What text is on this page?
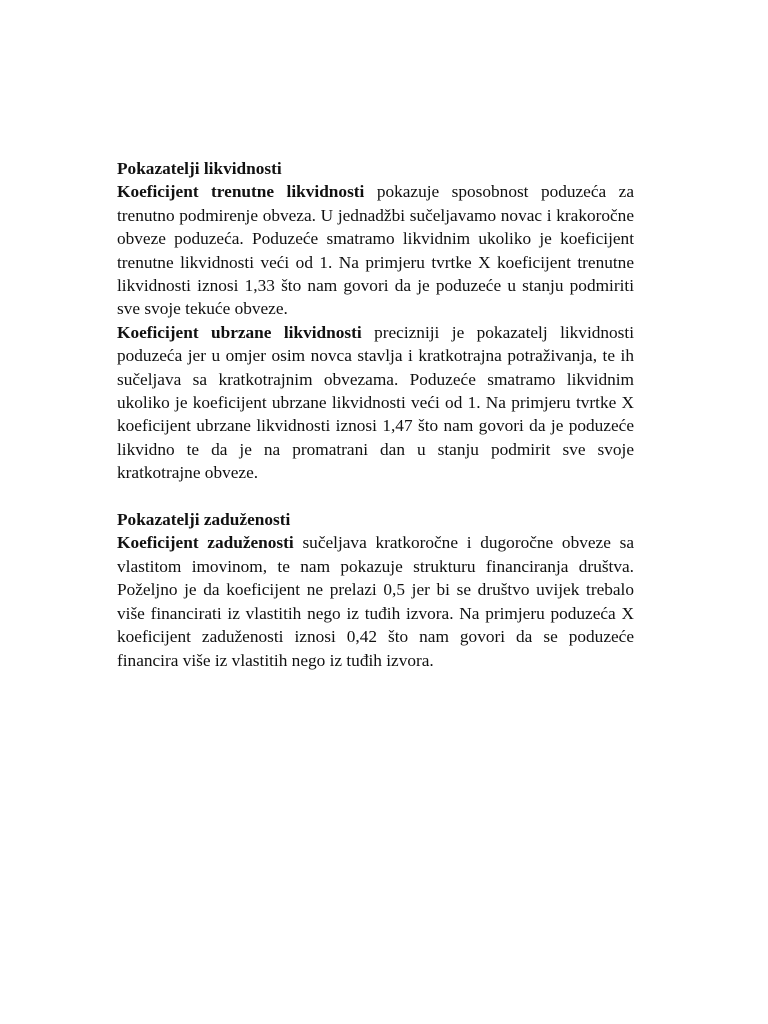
Pokazatelji likvidnosti

Koeficijent trenutne likvidnosti pokazuje sposobnost poduzeća za trenutno podmirenje obveza. U jednadžbi sučeljavamo novac i krakoročne obveze poduzeća. Poduzeće smatramo likvidnim ukoliko je koeficijent trenutne likvidnosti veći od 1. Na primjeru tvrtke X koeficijent trenutne likvidnosti iznosi 1,33 što nam govori da je poduzeće u stanju podmiriti sve svoje tekuće obveze.

Koeficijent ubrzane likvidnosti precizniji je pokazatelj likvidnosti poduzeća jer u omjer osim novca stavlja i kratkotrajna potraživanja, te ih sučeljava sa kratkotrajnim obvezama. Poduzeće smatramo likvidnim ukoliko je koeficijent ubrzane likvidnosti veći od 1. Na primjeru tvrtke X koeficijent ubrzane likvidnosti iznosi 1,47 što nam govori da je poduzeće likvidno te da je na promatrani dan u stanju podmirit sve svoje kratkotrajne obveze.

Pokazatelji zaduženosti

Koeficijent zaduženosti sučeljava kratkoročne i dugoročne obveze sa vlastitom imovinom, te nam pokazuje strukturu financiranja društva. Poželjno je da koeficijent ne prelazi 0,5 jer bi se društvo uvijek trebalo više financirati iz vlastitih nego iz tuđih izvora. Na primjeru poduzeća X koeficijent zaduženosti iznosi 0,42 što nam govori da se poduzeće financira više iz vlastitih nego iz tuđih izvora.
